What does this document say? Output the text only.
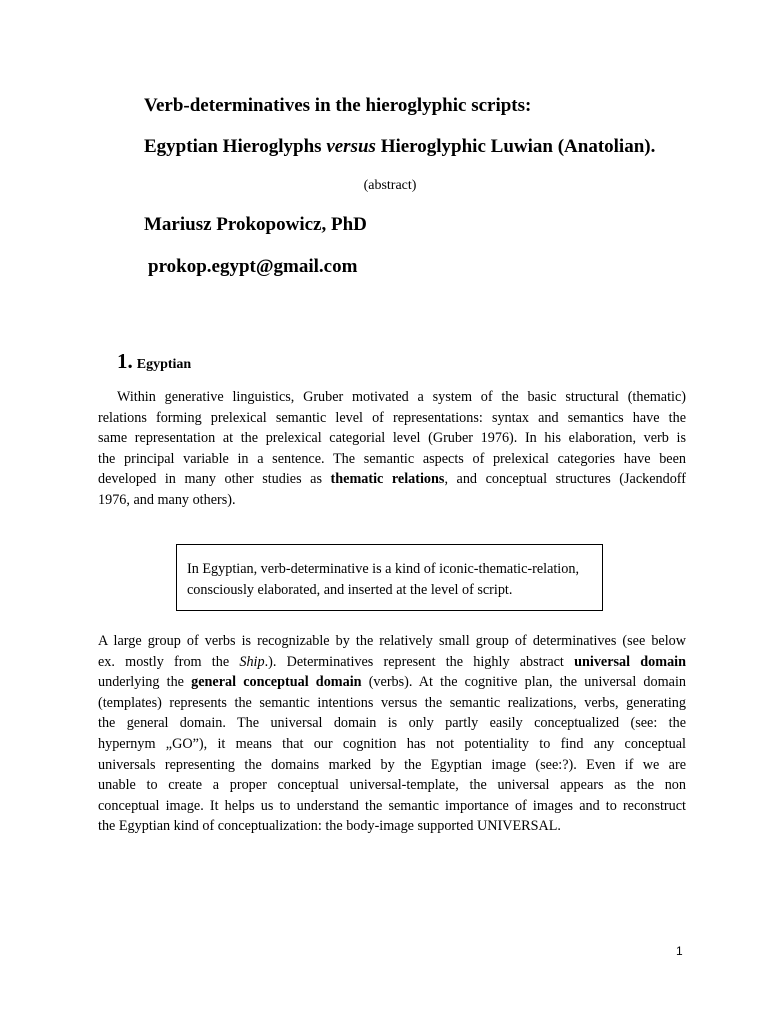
Verb-determinatives in the hieroglyphic scripts:
Egyptian Hieroglyphs versus Hieroglyphic Luwian (Anatolian).
(abstract)
Mariusz Prokopowicz, PhD
prokop.egypt@gmail.com
1. Egyptian
Within generative linguistics, Gruber motivated a system of the basic structural (thematic)
relations forming prelexical semantic level of representations: syntax and semantics have the
same representation at the prelexical categorial level (Gruber 1976). In his elaboration, verb is
the principal variable in a sentence. The semantic aspects of prelexical categories have been
developed in many other studies as thematic relations, and conceptual structures (Jackendoff
1976, and many others).
In Egyptian, verb-determinative is a kind of iconic-thematic-relation,
consciously elaborated, and inserted at the level of script.
A large group of verbs is recognizable by the relatively small group of determinatives (see below
ex. mostly from the Ship.). Determinatives represent the highly abstract universal domain
underlying the general conceptual domain (verbs). At the cognitive plan, the universal domain
(templates) represents the semantic intentions versus the semantic realizations, verbs, generating
the general domain. The universal domain is only partly easily conceptualized (see: the
hypernym „GO”), it means that our cognition has not potentiality to find any conceptual
universals representing the domains marked by the Egyptian image (see:?). Even if we are
unable to create a proper conceptual universal-template, the universal appears as the non
conceptual image. It helps us to understand the semantic importance of images and to reconstruct
the Egyptian kind of conceptualization: the body-image supported UNIVERSAL.
1
